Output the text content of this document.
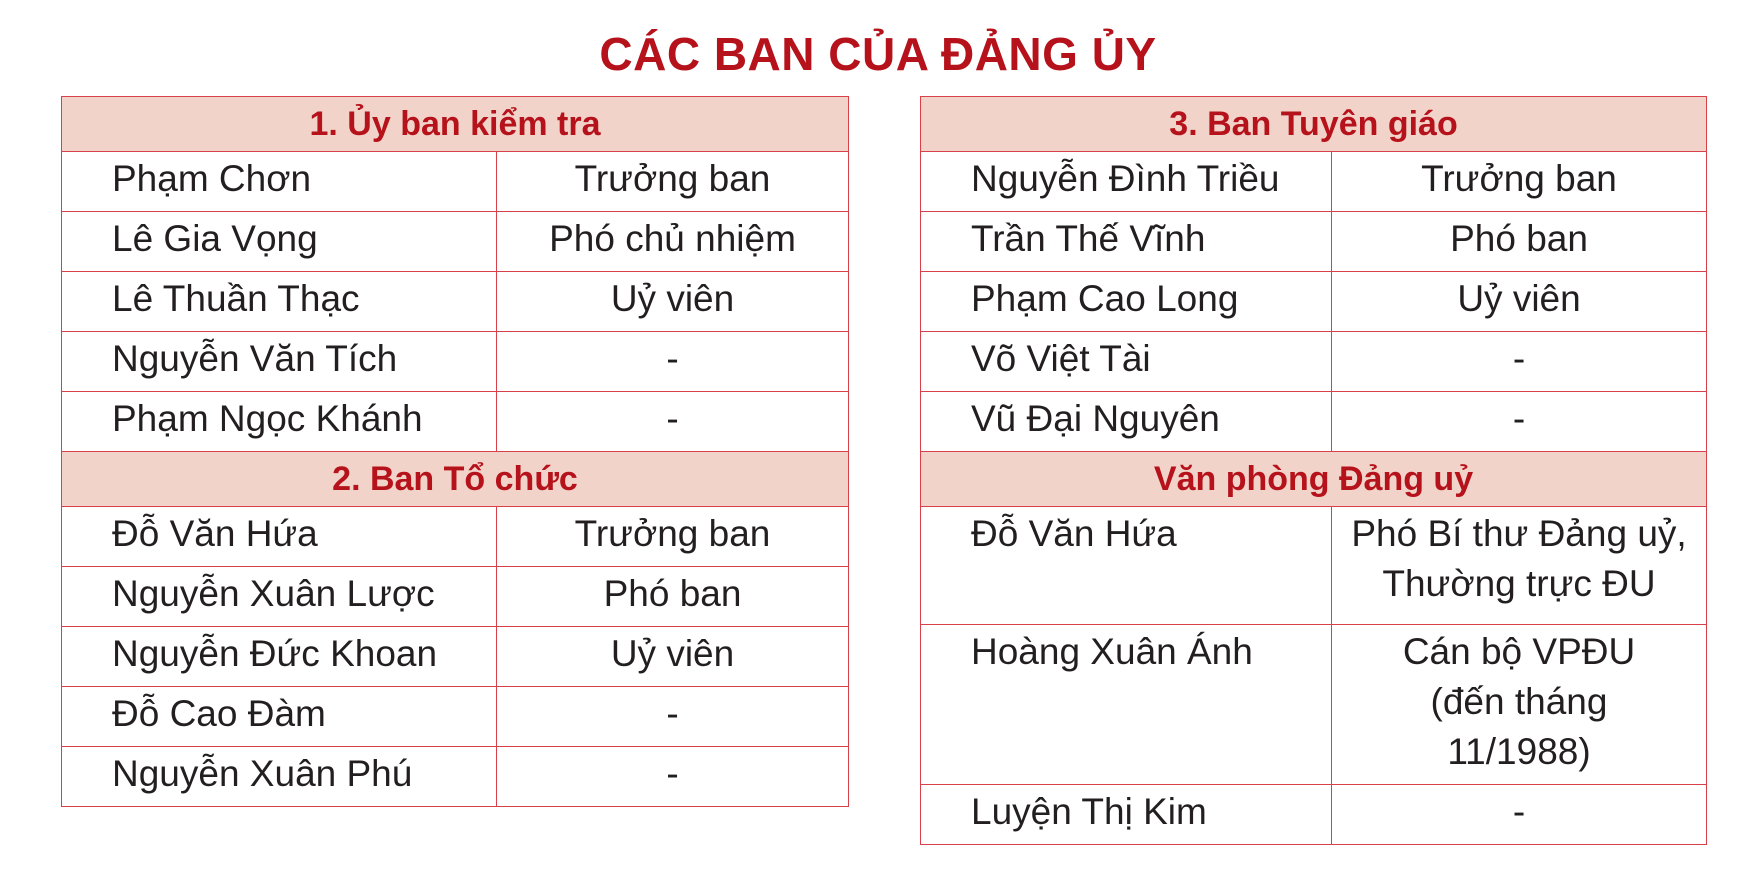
CÁC BAN CỦA ĐẢNG ỦY
1. Ủy ban kiểm tra	
Phạm Chơn	Trưởng ban
Lê Gia Vọng	Phó chủ nhiệm
Lê Thuần Thạc	Uỷ viên
Nguyễn Văn Tích	-
Phạm Ngọc Khánh	-
2. Ban Tổ chức	
Đỗ Văn Hứa	Trưởng ban
Nguyễn Xuân Lược	Phó ban
Nguyễn Đức Khoan	Uỷ viên
Đỗ Cao Đàm	-
Nguyễn Xuân Phú	-
3. Ban Tuyên giáo	
Nguyễn Đình Triều	Trưởng ban
Trần Thế Vĩnh	Phó ban
Phạm Cao Long	Uỷ viên
Võ Việt Tài	-
Vũ Đại Nguyên	-
Văn phòng Đảng uỷ	
Đỗ Văn Hứa	Phó Bí thư Đảng uỷ,
Thường trực ĐU

Hoàng Xuân Ánh	Cán bộ VPĐU
(đến tháng
11/1988)

Luyện Thị Kim	-
